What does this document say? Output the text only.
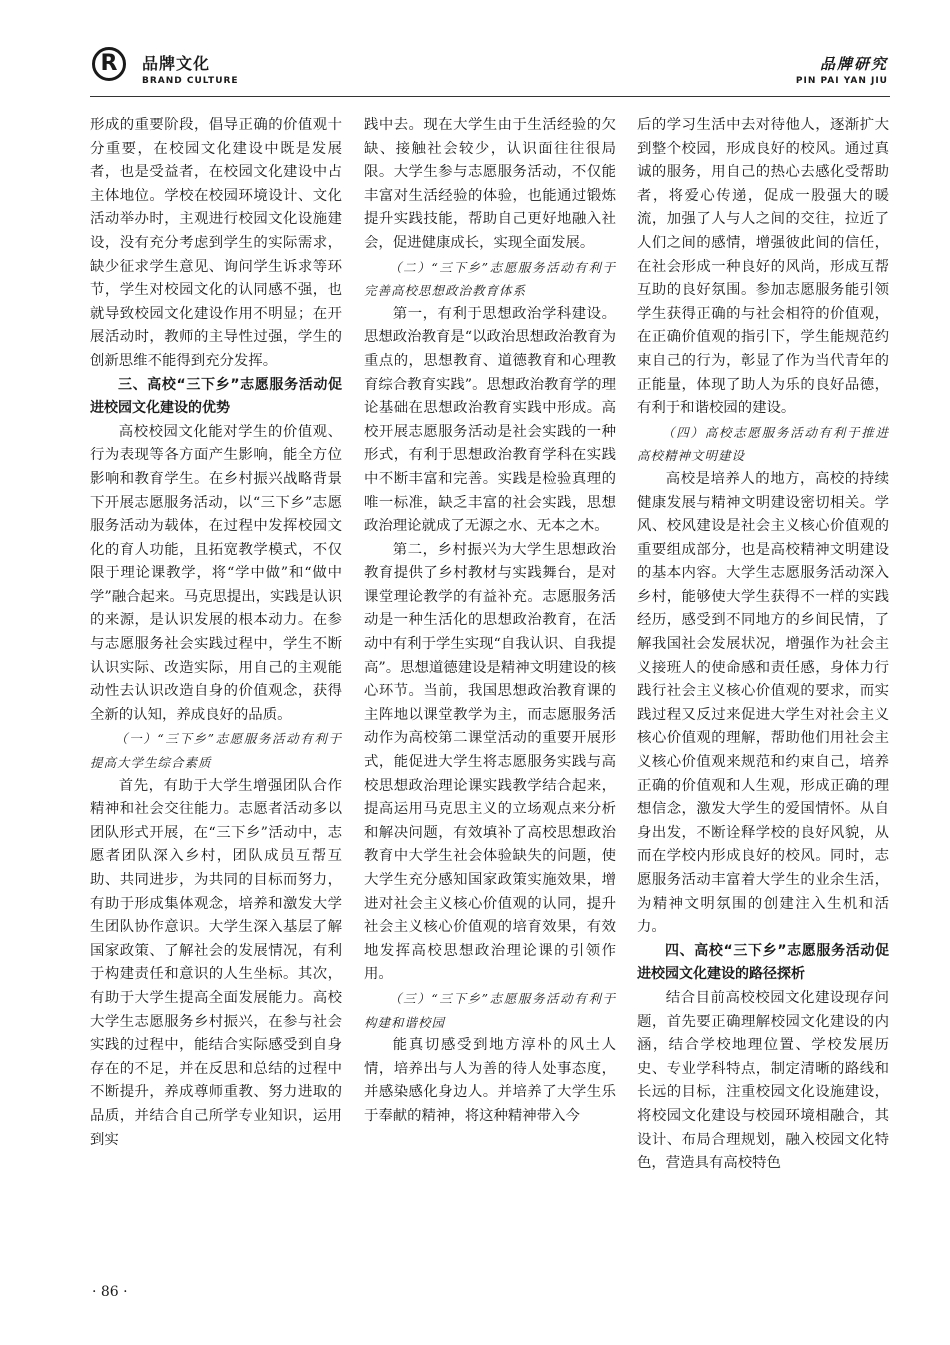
R	品牌文化
BRAND CULTURE
品牌研究
PIN PAI YAN JIU

形成的重要阶段，倡导正确的价值观十分重要，在校园文化建设中既是发展者，也是受益者，在校园文化建设中占主体地位。学校在校园环境设计、文化活动举办时，主观进行校园文化设施建设，没有充分考虑到学生的实际需求，缺少征求学生意见、询问学生诉求等环节，学生对校园文化的认同感不强，也就导致校园文化建设作用不明显；在开展活动时，教师的主导性过强，学生的创新思维不能得到充分发挥。

三、高校“三下乡”志愿服务活动促进校园文化建设的优势

高校校园文化能对学生的价值观、行为表现等各方面产生影响，能全方位影响和教育学生。在乡村振兴战略背景下开展志愿服务活动，以“三下乡”志愿服务活动为载体，在过程中发挥校园文化的育人功能，且拓宽教学模式，不仅限于理论课教学，将“学中做”和“做中学”融合起来。马克思提出，实践是认识的来源，是认识发展的根本动力。在参与志愿服务社会实践过程中，学生不断认识实际、改造实际，用自己的主观能动性去认识改造自身的价值观念，获得全新的认知，养成良好的品质。

（一）“三下乡”志愿服务活动有利于提高大学生综合素质

首先，有助于大学生增强团队合作精神和社会交往能力。志愿者活动多以团队形式开展，在“三下乡”活动中，志愿者团队深入乡村，团队成员互帮互助、共同进步，为共同的目标而努力，有助于形成集体观念，培养和激发大学生团队协作意识。大学生深入基层了解国家政策、了解社会的发展情况，有利于构建责任和意识的人生坐标。其次，有助于大学生提高全面发展能力。高校大学生志愿服务乡村振兴，在参与社会实践的过程中，能结合实际感受到自身存在的不足，并在反思和总结的过程中不断提升，养成尊师重教、努力进取的品质，并结合自己所学专业知识，运用到实

践中去。现在大学生由于生活经验的欠缺、接触社会较少，认识面往往很局限。大学生参与志愿服务活动，不仅能丰富对生活经验的体验，也能通过锻炼提升实践技能，帮助自己更好地融入社会，促进健康成长，实现全面发展。

（二）“三下乡”志愿服务活动有利于完善高校思想政治教育体系

第一，有利于思想政治学科建设。思想政治教育是“以政治思想政治教育为重点的，思想教育、道德教育和心理教育综合教育实践”。思想政治教育学的理论基础在思想政治教育实践中形成。高校开展志愿服务活动是社会实践的一种形式，有利于思想政治教育学科在实践中不断丰富和完善。实践是检验真理的唯一标准，缺乏丰富的社会实践，思想政治理论就成了无源之水、无本之木。

第二，乡村振兴为大学生思想政治教育提供了乡村教材与实践舞台，是对课堂理论教学的有益补充。志愿服务活动是一种生活化的思想政治教育，在活动中有利于学生实现“自我认识、自我提高”。思想道德建设是精神文明建设的核心环节。当前，我国思想政治教育课的主阵地以课堂教学为主，而志愿服务活动作为高校第二课堂活动的重要开展形式，能促进大学生将志愿服务实践与高校思想政治理论课实践教学结合起来，提高运用马克思主义的立场观点来分析和解决问题，有效填补了高校思想政治教育中大学生社会体验缺失的问题，使大学生充分感知国家政策实施效果，增进对社会主义核心价值观的认同，提升社会主义核心价值观的培育效果，有效地发挥高校思想政治理论课的引领作用。

（三）“三下乡”志愿服务活动有利于构建和谐校园

能真切感受到地方淳朴的风土人情，培养出与人为善的待人处事态度，并感染感化身边人。并培养了大学生乐于奉献的精神，将这种精神带入今

后的学习生活中去对待他人，逐渐扩大到整个校园，形成良好的校风。通过真诚的服务，用自己的热心去感化受帮助者，将爱心传递，促成一股强大的暖流，加强了人与人之间的交往，拉近了人们之间的感情，增强彼此间的信任，在社会形成一种良好的风尚，形成互帮互助的良好氛围。参加志愿服务能引领学生获得正确的与社会相符的价值观，在正确价值观的指引下，学生能规范约束自己的行为，彰显了作为当代青年的正能量，体现了助人为乐的良好品德，有利于和谐校园的建设。

（四）高校志愿服务活动有利于推进高校精神文明建设

高校是培养人的地方，高校的持续健康发展与精神文明建设密切相关。学风、校风建设是社会主义核心价值观的重要组成部分，也是高校精神文明建设的基本内容。大学生志愿服务活动深入乡村，能够使大学生获得不一样的实践经历，感受到不同地方的乡间民情，了解我国社会发展状况，增强作为社会主义接班人的使命感和责任感，身体力行践行社会主义核心价值观的要求，而实践过程又反过来促进大学生对社会主义核心价值观的理解，帮助他们用社会主义核心价值观来规范和约束自己，培养正确的价值观和人生观，形成正确的理想信念，激发大学生的爱国情怀。从自身出发，不断诠释学校的良好风貌，从而在学校内形成良好的校风。同时，志愿服务活动丰富着大学生的业余生活，为精神文明氛围的创建注入生机和活力。

四、高校“三下乡”志愿服务活动促进校园文化建设的路径探析

结合目前高校校园文化建设现存问题，首先要正确理解校园文化建设的内涵，结合学校地理位置、学校发展历史、专业学科特点，制定清晰的路线和长远的目标，注重校园文化设施建设，将校园文化建设与校园环境相融合，其设计、布局合理规划，融入校园文化特色，营造具有高校特色

· 86 ·
